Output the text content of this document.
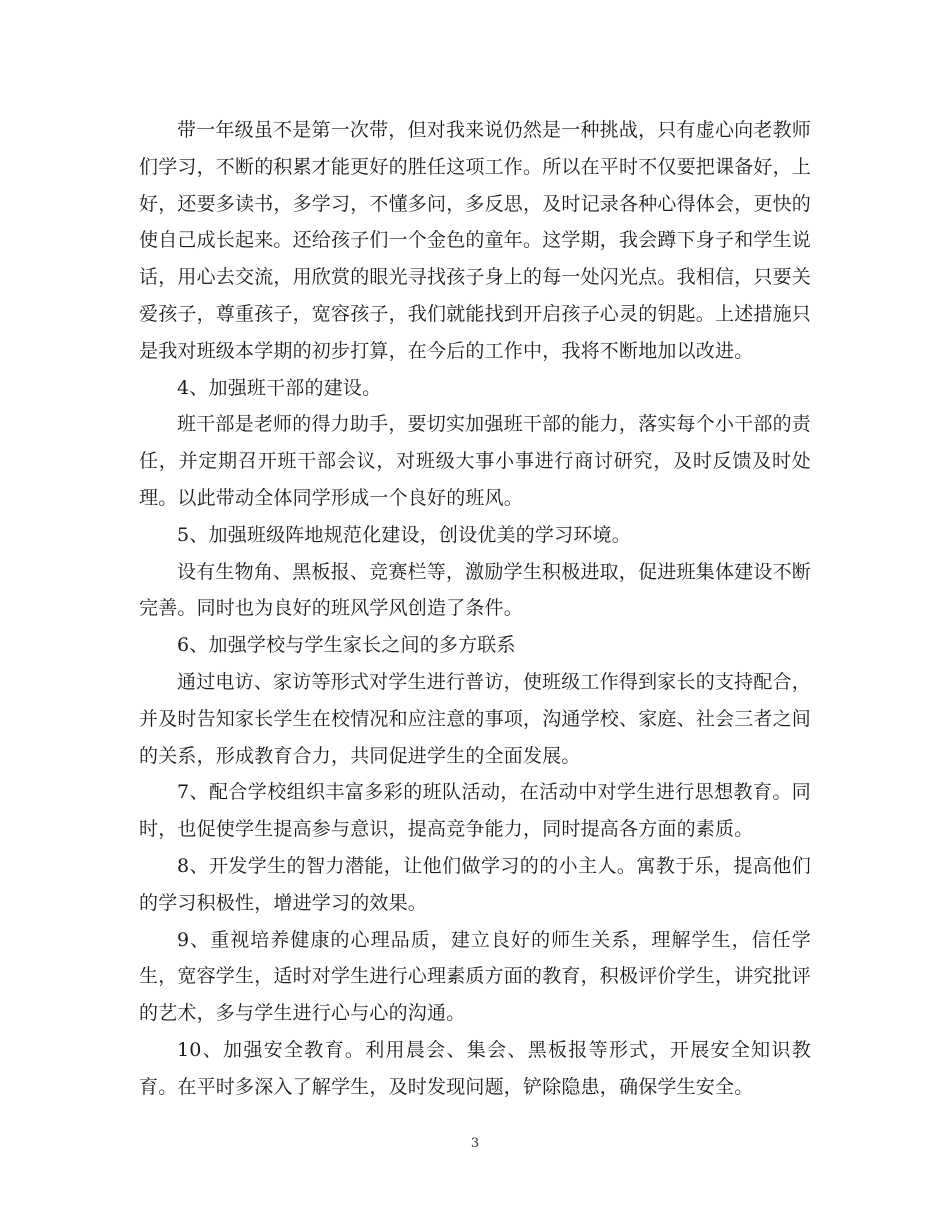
带一年级虽不是第一次带，但对我来说仍然是一种挑战，只有虚心向老教师们学习，不断的积累才能更好的胜任这项工作。所以在平时不仅要把课备好，上好，还要多读书，多学习，不懂多问，多反思，及时记录各种心得体会，更快的使自己成长起来。还给孩子们一个金色的童年。这学期，我会蹲下身子和学生说话，用心去交流，用欣赏的眼光寻找孩子身上的每一处闪光点。我相信，只要关爱孩子，尊重孩子，宽容孩子，我们就能找到开启孩子心灵的钥匙。上述措施只是我对班级本学期的初步打算，在今后的工作中，我将不断地加以改进。

4、加强班干部的建设。

班干部是老师的得力助手，要切实加强班干部的能力，落实每个小干部的责任，并定期召开班干部会议，对班级大事小事进行商讨研究，及时反馈及时处理。以此带动全体同学形成一个良好的班风。

5、加强班级阵地规范化建设，创设优美的学习环境。

设有生物角、黑板报、竞赛栏等，激励学生积极进取，促进班集体建设不断完善。同时也为良好的班风学风创造了条件。

6、加强学校与学生家长之间的多方联系

通过电访、家访等形式对学生进行普访，使班级工作得到家长的支持配合，并及时告知家长学生在校情况和应注意的事项，沟通学校、家庭、社会三者之间的关系，形成教育合力，共同促进学生的全面发展。

7、配合学校组织丰富多彩的班队活动，在活动中对学生进行思想教育。同时，也促使学生提高参与意识，提高竞争能力，同时提高各方面的素质。

8、开发学生的智力潜能，让他们做学习的的小主人。寓教于乐，提高他们的学习积极性，增进学习的效果。

9、重视培养健康的心理品质，建立良好的师生关系，理解学生，信任学生，宽容学生，适时对学生进行心理素质方面的教育，积极评价学生，讲究批评的艺术，多与学生进行心与心的沟通。

10、加强安全教育。利用晨会、集会、黑板报等形式，开展安全知识教育。在平时多深入了解学生，及时发现问题，铲除隐患，确保学生安全。

3
